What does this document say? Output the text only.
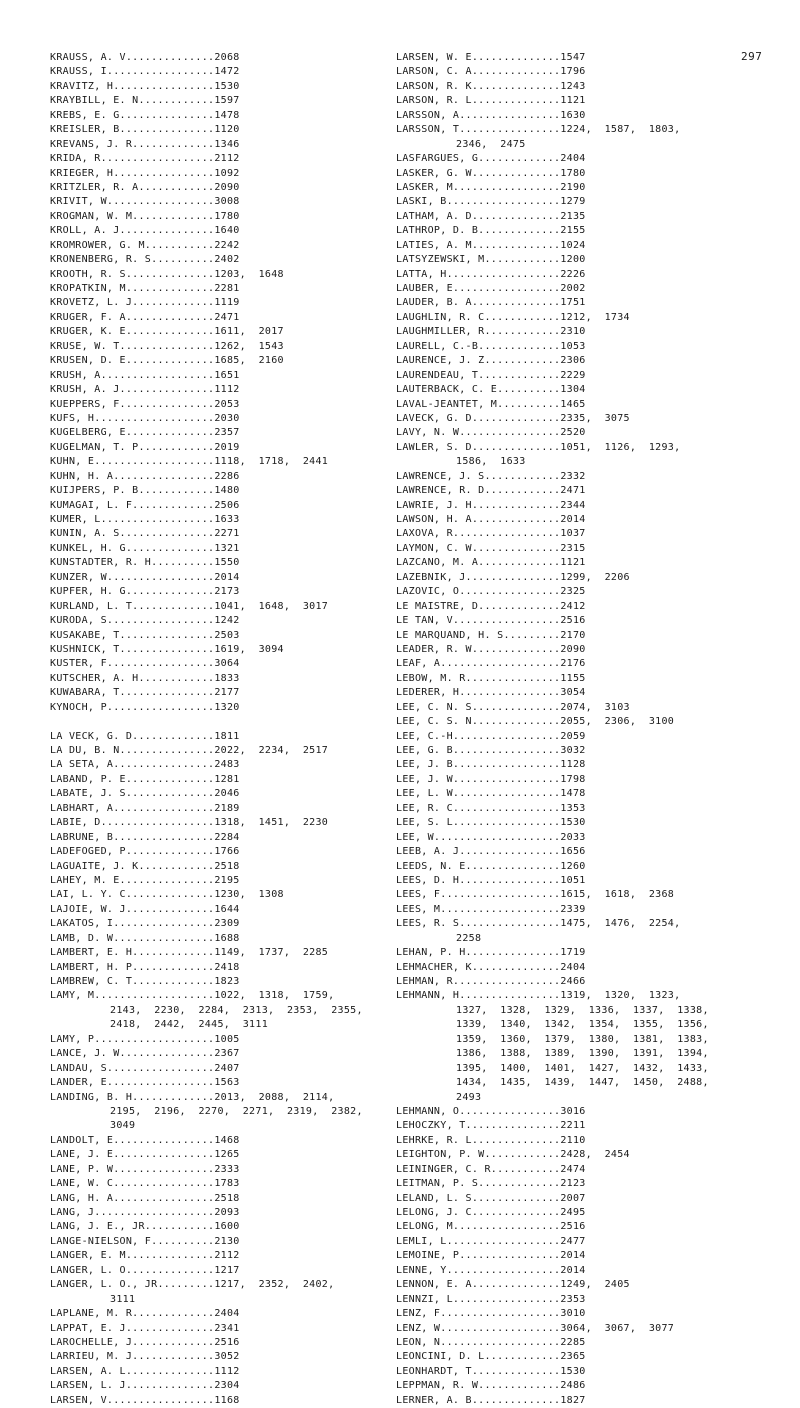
297
KRAUSS, A. V..............2068
KRAUSS, I.................1472
KRAVITZ, H................1530
KRAYBILL, E. N............1597
KREBS, E. G...............1478
KREISLER, B...............1120
KREVANS, J. R.............1346
KRIDA, R..................2112
KRIEGER, H................1092
KRITZLER, R. A............2090
KRIVIT, W.................3008
KROGMAN, W. M.............1780
KROLL, A. J...............1640
KROMROWER, G. M...........2242
KRONENBERG, R. S..........2402
KROOTH, R. S..............1203,  1648
KROPATKIN, M..............2281
KROVETZ, L. J.............1119
KRUGER, F. A..............2471
KRUGER, K. E..............1611,  2017
KRUSE, W. T...............1262,  1543
KRUSEN, D. E..............1685,  2160
KRUSH, A..................1651
KRUSH, A. J...............1112
KUEPPERS, F...............2053
KUFS, H...................2030
KUGELBERG, E..............2357
KUGELMAN, T. P............2019
KUHN, E...................1118,  1718,  2441
KUHN, H. A................2286
KUIJPERS, P. B............1480
KUMAGAI, L. F.............2506
KUMER, L..................1633
KUNIN, A. S...............2271
KUNKEL, H. G..............1321
KUNSTADTER, R. H..........1550
KUNZER, W.................2014
KUPFER, H. G..............2173
KURLAND, L. T.............1041,  1648,  3017
KURODA, S.................1242
KUSAKABE, T...............2503
KUSHNICK, T...............1619,  3094
KUSTER, F.................3064
KUTSCHER, A. H............1833
KUWABARA, T...............2177
KYNOCH, P.................1320
LA VECK, G. D.............1811
LA DU, B. N...............2022,  2234,  2517
LA SETA, A................2483
LABAND, P. E..............1281
LABATE, J. S..............2046
LABHART, A................2189
LABIE, D..................1318,  1451,  2230
LABRUNE, B................2284
LADEFOGED, P..............1766
LAGUAITE, J. K............2518
LAHEY, M. E...............2195
LAI, L. Y. C..............1230,  1308
LAJOIE, W. J..............1644
LAKATOS, I................2309
LAMB, D. W................1688
LAMBERT, E. H.............1149,  1737,  2285
LAMBERT, H. P.............2418
LAMBREW, C. T.............1823
LAMY, M...................1022,  1318,  1759,
2143,  2230,  2284,  2313,  2353,  2355,
2418,  2442,  2445,  3111
LAMY, P...................1005
LANCE, J. W...............2367
LANDAU, S.................2407
LANDER, E.................1563
LANDING, B. H.............2013,  2088,  2114,
2195,  2196,  2270,  2271,  2319,  2382,
3049
LANDOLT, E................1468
LANE, J. E................1265
LANE, P. W................2333
LANE, W. C................1783
LANG, H. A................2518
LANG, J...................2093
LANG, J. E., JR...........1600
LANGE-NIELSON, F..........2130
LANGER, E. M..............2112
LANGER, L. O..............1217
LANGER, L. O., JR.........1217,  2352,  2402,
3111
LAPLANE, M. R.............2404
LAPPAT, E. J..............2341
LAROCHELLE, J.............2516
LARRIEU, M. J.............3052
LARSEN, A. L..............1112
LARSEN, L. J..............2304
LARSEN, V.................1168
LARSEN, W. E..............1547
LARSON, C. A..............1796
LARSON, R. K..............1243
LARSON, R. L..............1121
LARSSON, A................1630
LARSSON, T................1224,  1587,  1803,
2346,  2475
LASFARGUES, G.............2404
LASKER, G. W..............1780
LASKER, M.................2190
LASKI, B..................1279
LATHAM, A. D..............2135
LATHROP, D. B.............2155
LATIES, A. M..............1024
LATSYZEWSKI, M............1200
LATTA, H..................2226
LAUBER, E.................2002
LAUDER, B. A..............1751
LAUGHLIN, R. C............1212,  1734
LAUGHMILLER, R............2310
LAURELL, C.-B.............1053
LAURENCE, J. Z............2306
LAURENDEAU, T.............2229
LAUTERBACK, C. E..........1304
LAVAL-JEANTET, M..........1465
LAVECK, G. D..............2335,  3075
LAVY, N. W................2520
LAWLER, S. D..............1051,  1126,  1293,
1586,  1633
LAWRENCE, J. S............2332
LAWRENCE, R. D............2471
LAWRIE, J. H..............2344
LAWSON, H. A..............2014
LAXOVA, R.................1037
LAYMON, C. W..............2315
LAZCANO, M. A.............1121
LAZEBNIK, J...............1299,  2206
LAZOVIC, O................2325
LE MAISTRE, D.............2412
LE TAN, V.................2516
LE MARQUAND, H. S.........2170
LEADER, R. W..............2090
LEAF, A...................2176
LEBOW, M. R...............1155
LEDERER, H................3054
LEE, C. N. S..............2074,  3103
LEE, C. S. N..............2055,  2306,  3100
LEE, C.-H.................2059
LEE, G. B.................3032
LEE, J. B.................1128
LEE, J. W.................1798
LEE, L. W.................1478
LEE, R. C.................1353
LEE, S. L.................1530
LEE, W....................2033
LEEB, A. J................1656
LEEDS, N. E...............1260
LEES, D. H................1051
LEES, F...................1615,  1618,  2368
LEES, M...................2339
LEES, R. S................1475,  1476,  2254,
2258
LEHAN, P. H...............1719
LEHMACHER, K..............2404
LEHMAN, R.................2466
LEHMANN, H................1319,  1320,  1323,
1327,  1328,  1329,  1336,  1337,  1338,
1339,  1340,  1342,  1354,  1355,  1356,
1359,  1360,  1379,  1380,  1381,  1383,
1386,  1388,  1389,  1390,  1391,  1394,
1395,  1400,  1401,  1427,  1432,  1433,
1434,  1435,  1439,  1447,  1450,  2488,
2493
LEHMANN, O................3016
LEHOCZKY, T...............2211
LEHRKE, R. L..............2110
LEIGHTON, P. W............2428,  2454
LEININGER, C. R...........2474
LEITMAN, P. S.............2123
LELAND, L. S..............2007
LELONG, J. C..............2495
LELONG, M.................2516
LEMLI, L..................2477
LEMOINE, P................2014
LENNE, Y..................2014
LENNON, E. A..............1249,  2405
LENNZI, L.................2353
LENZ, F...................3010
LENZ, W...................3064,  3067,  3077
LEON, N...................2285
LEONCINI, D. L............2365
LEONHARDT, T..............1530
LEPPMAN, R. W.............2486
LERNER, A. B..............1827
